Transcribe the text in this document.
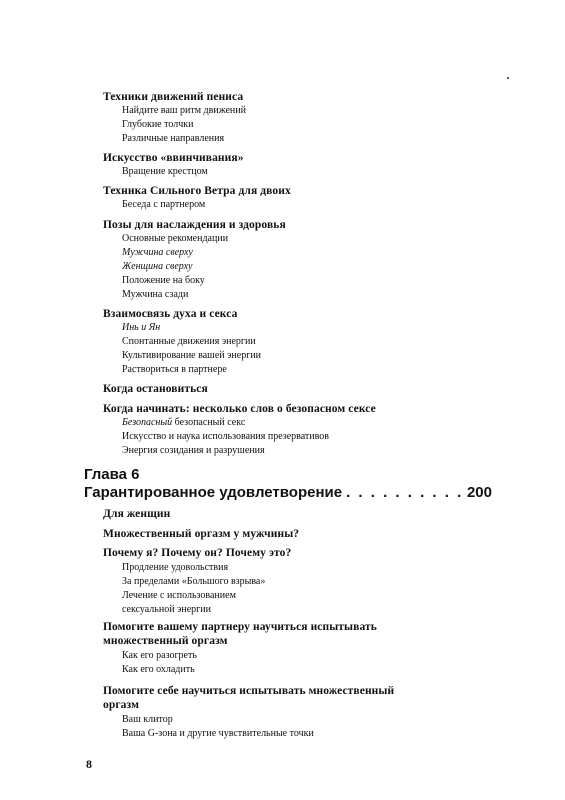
Техники движений пениса
Найдите ваш ритм движений
Глубокие толчки
Различные направления
Искусство «ввинчивания»
Вращение крестцом
Техника Сильного Ветра для двоих
Беседа с партнером
Позы для наслаждения и здоровья
Основные рекомендации
Мужчина сверху
Женщина сверху
Положение на боку
Мужчина сзади
Взаимосвязь духа и секса
Инь и Ян
Спонтанные движения энергии
Культивирование вашей энергии
Раствориться в партнере
Когда остановиться
Когда начинать: несколько слов о безопасном сексе
Безопасный безопасный секс
Искусство и наука использования презервативов
Энергия созидания и разрушения
Глава 6
Гарантированное удовлетворение
. . .	200
Для женщин
Множественный оргазм у мужчины?
Почему я? Почему он? Почему это?
Продление удовольствия
За пределами «Большого взрыва»
Лечение с использованием
сексуальной энергии
Помогите вашему партнеру научиться испытывать
множественный оргазм
Как его разогреть
Как его охладить
Помогите себе научиться испытывать множественный
оргазм
Ваш клитор
Ваша G-зона и другие чувствительные точки
8
